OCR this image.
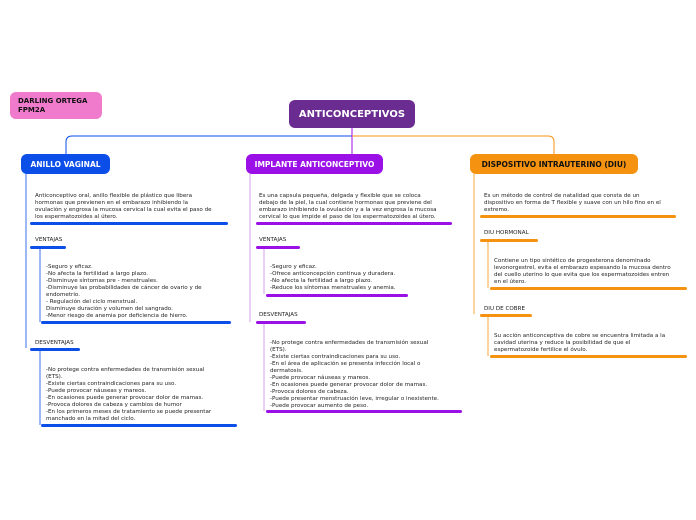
DARLING ORTEGA
FPM2A	ANTICONCEPTIVOS
ANILLO VAGINAL
Anticonceptivo oral, anillo flexible de plástico que libera
hormonas que previenen en el embarazo inhibiendo la
ovulación y engrosa la mucosa cervical la cual evita el paso de
los espermatozoides al útero.
VENTAJAS
-Seguro y eficaz.
-No afecta la fertilidad a largo plazo.
-Disminuye síntomas pre - menstruales.
-Disminuye las probabilidades de cáncer de ovario y de
endometrio.
- Regulación del ciclo menstrual.
Disminuye duración y volumen del sangrado.
-Menor riesgo de anemia por deficiencia de hierro.
DESVENTAJAS
-No protege contra enfermedades de transmisión sexual
(ETS).
-Existe ciertas contraindicaciones para su uso.
-Puede provocar náuseas y mareos.
-En ocasiones puede generar provocar dolor de mamas.
-Provoca dolores de cabeza y cambios de humor
-En los primeros meses de tratamiento se puede presentar
manchado en la mitad del ciclo.
IMPLANTE ANTICONCEPTIVO
Es una capsula pequeña, delgada y flexible que se coloca
debajo de la piel, la cual contiene hormonas que previene del
embarazo inhibiendo la ovulación y a la vez engrosa la mucosa
cervical lo que impide el paso de los espermatozoides al útero.
VENTAJAS
-Seguro y eficaz.
-Ofrece anticoncepción continua y duradera.
-No afecta la fertilidad a largo plazo.
-Reduce los síntomas menstruales y anemia.
DESVENTAJAS
-No protege contra enfermedades de transmisión sexual
(ETS).
-Existe ciertas contraindicaciones para su uso.
-En el área de aplicación se presenta infección local o
dermatosis.
-Puede provocar náuseas y mareos.
-En ocasiones puede generar provocar dolor de mamas.
-Provoca dolores de cabeza.
-Puede presentar menstruación leve, irregular o inexistente.
-Puede provocar aumento de peso.
DISPOSITIVO INTRAUTERINO (DIU)
Es un método de control de natalidad que consta de un
dispositivo en forma de T flexible y suave con un hilo fino en el
extremo.
DIU HORMONAL
Contiene un tipo sintético de progesterona denominado
levonorgestrel, evita el embarazo espesando la mucosa dentro
del cuello uterino lo que evita que los espermatozoides entren
en el útero.
DIU DE COBRE
Su acción anticonceptiva de cobre se encuentra limitada a la
cavidad uterina y reduce la posibilidad de que el
espermatozoide fertilice el óvulo.
